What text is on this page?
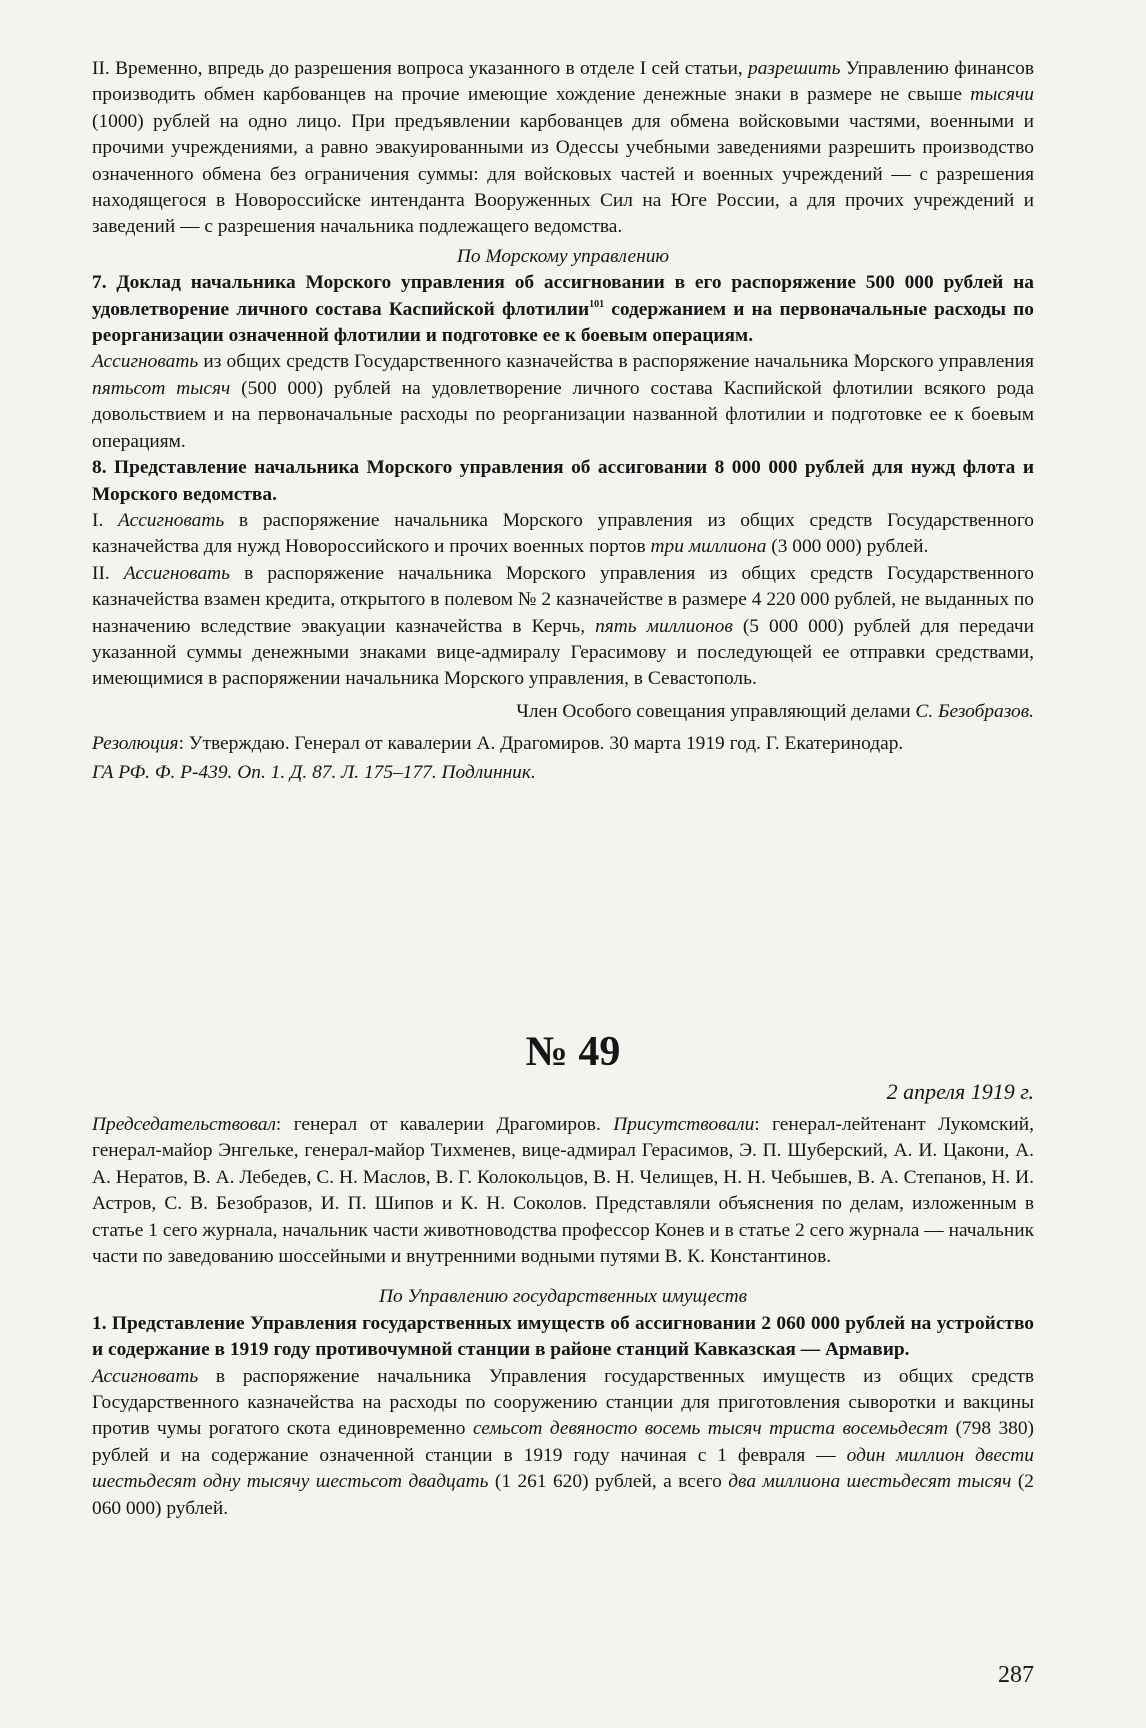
II. Временно, впредь до разрешения вопроса указанного в отделе I сей статьи, разрешить Управлению финансов производить обмен карбованцев на прочие имеющие хождение денежные знаки в размере не свыше тысячи (1000) рублей на одно лицо. При предъявлении карбованцев для обмена войсковыми частями, военными и прочими учреждениями, а равно эвакуированными из Одессы учебными заведениями разрешить производство означенного обмена без ограничения суммы: для войсковых частей и военных учреждений — с разрешения находящегося в Новороссийске интенданта Вооруженных Сил на Юге России, а для прочих учреждений и заведений — с разрешения начальника подлежащего ведомства.

По Морскому управлению

7. Доклад начальника Морского управления об ассигновании в его распоряжение 500 000 рублей на удовлетворение личного состава Каспийской флотилии$^{101}$ содержанием и на первоначальные расходы по реорганизации означенной флотилии и подготовке ее к боевым операциям.

Ассигновать из общих средств Государственного казначейства в распоряжение начальника Морского управления пятьсот тысяч (500 000) рублей на удовлетворение личного состава Каспийской флотилии всякого рода довольствием и на первоначальные расходы по реорганизации названной флотилии и подготовке ее к боевым операциям.

8. Представление начальника Морского управления об ассиговании 8 000 000 рублей для нужд флота и Морского ведомства.

I. Ассигновать в распоряжение начальника Морского управления из общих средств Государственного казначейства для нужд Новороссийского и прочих военных портов три миллиона (3 000 000) рублей.

II. Ассигновать в распоряжение начальника Морского управления из общих средств Государственного казначейства взамен кредита, открытого в полевом № 2 казначействе в размере 4 220 000 рублей, не выданных по назначению вследствие эвакуации казначейства в Керчь, пять миллионов (5 000 000) рублей для передачи указанной суммы денежными знаками вице-адмиралу Герасимову и последующей ее отправки средствами, имеющимися в распоряжении начальника Морского управления, в Севастополь.

Член Особого совещания управляющий делами С. Безобразов.

Резолюция: Утверждаю. Генерал от кавалерии А. Драгомиров. 30 марта 1919 год. Г. Екатеринодар.

ГА РФ. Ф. Р-439. Оп. 1. Д. 87. Л. 175–177. Подлинник.

№ 49
2 апреля 1919 г.

Председательствовал: генерал от кавалерии Драгомиров. Присутствовали: генерал-лейтенант Лукомский, генерал-майор Энгельке, генерал-майор Тихменев, вице-адмирал Герасимов, Э. П. Шуберский, А. И. Цакони, А. А. Нератов, В. А. Лебедев, С. Н. Маслов, В. Г. Колокольцов, В. Н. Челищев, Н. Н. Чебышев, В. А. Степанов, Н. И. Астров, С. В. Безобразов, И. П. Шипов и К. Н. Соколов. Представляли объяснения по делам, изложенным в статье 1 сего журнала, начальник части животноводства профессор Конев и в статье 2 сего журнала — начальник части по заведованию шоссейными и внутренними водными путями В. К. Константинов.

По Управлению государственных имуществ

1. Представление Управления государственных имуществ об ассигновании 2 060 000 рублей на устройство и содержание в 1919 году противочумной станции в районе станций Кавказская — Армавир.

Ассигновать в распоряжение начальника Управления государственных имуществ из общих средств Государственного казначейства на расходы по сооружению станции для приготовления сыворотки и вакцины против чумы рогатого скота единовременно семьсот девяносто восемь тысяч триста восемьдесят (798 380) рублей и на содержание означенной станции в 1919 году начиная с 1 февраля — один миллион двести шестьдесят одну тысячу шестьсот двадцать (1 261 620) рублей, а всего два миллиона шестьдесят тысяч (2 060 000) рублей.

287
